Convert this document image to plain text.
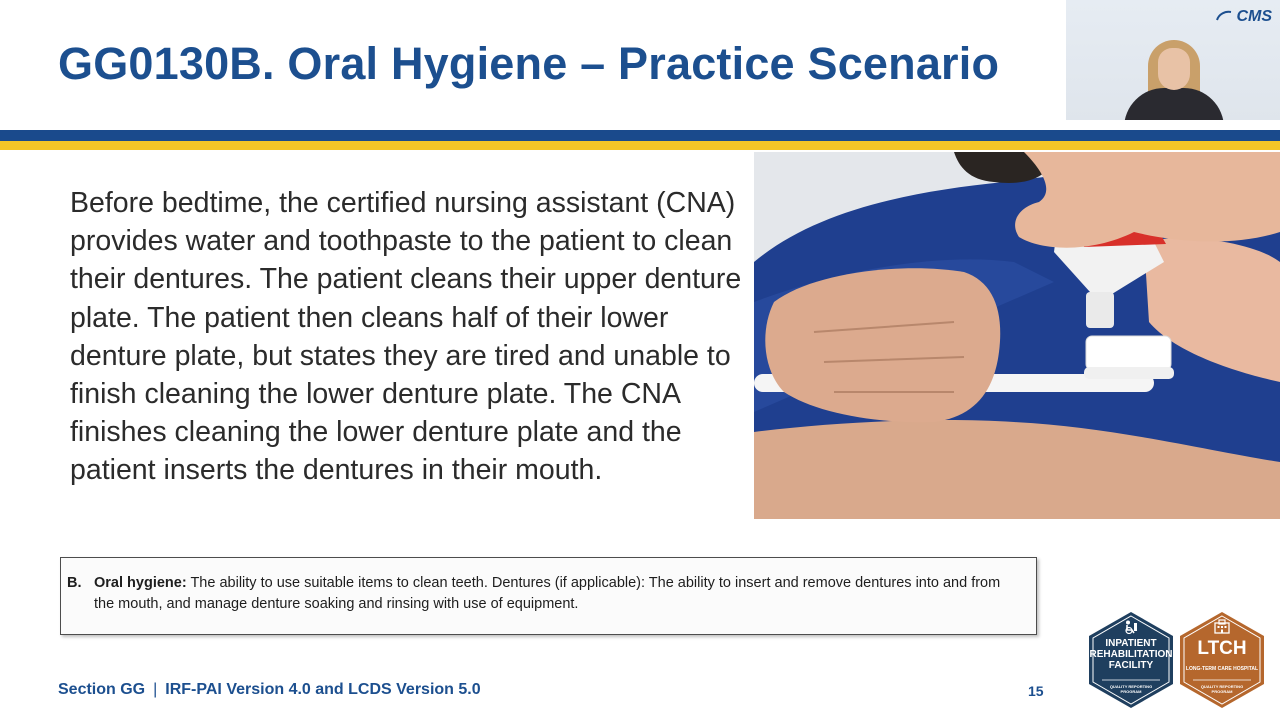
GG0130B. Oral Hygiene – Practice Scenario
CMS
Before bedtime, the certified nursing assistant (CNA) provides water and toothpaste to the patient to clean their dentures. The patient cleans their upper denture plate. The patient then cleans half of their lower denture plate, but states they are tired and unable to finish cleaning the lower denture plate. The CNA finishes cleaning the lower denture plate and the patient inserts the dentures in their mouth.
B. Oral hygiene: The ability to use suitable items to clean teeth. Dentures (if applicable): The ability to insert and remove dentures into and from the mouth, and manage denture soaking and rinsing with use of equipment.
Section GG | IRF-PAI Version 4.0 and LCDS Version 5.0	15
INPATIENT
REHABILITATION
FACILITY
QUALITY REPORTING PROGRAM
LTCH
LONG-TERM CARE HOSPITAL
QUALITY REPORTING PROGRAM
